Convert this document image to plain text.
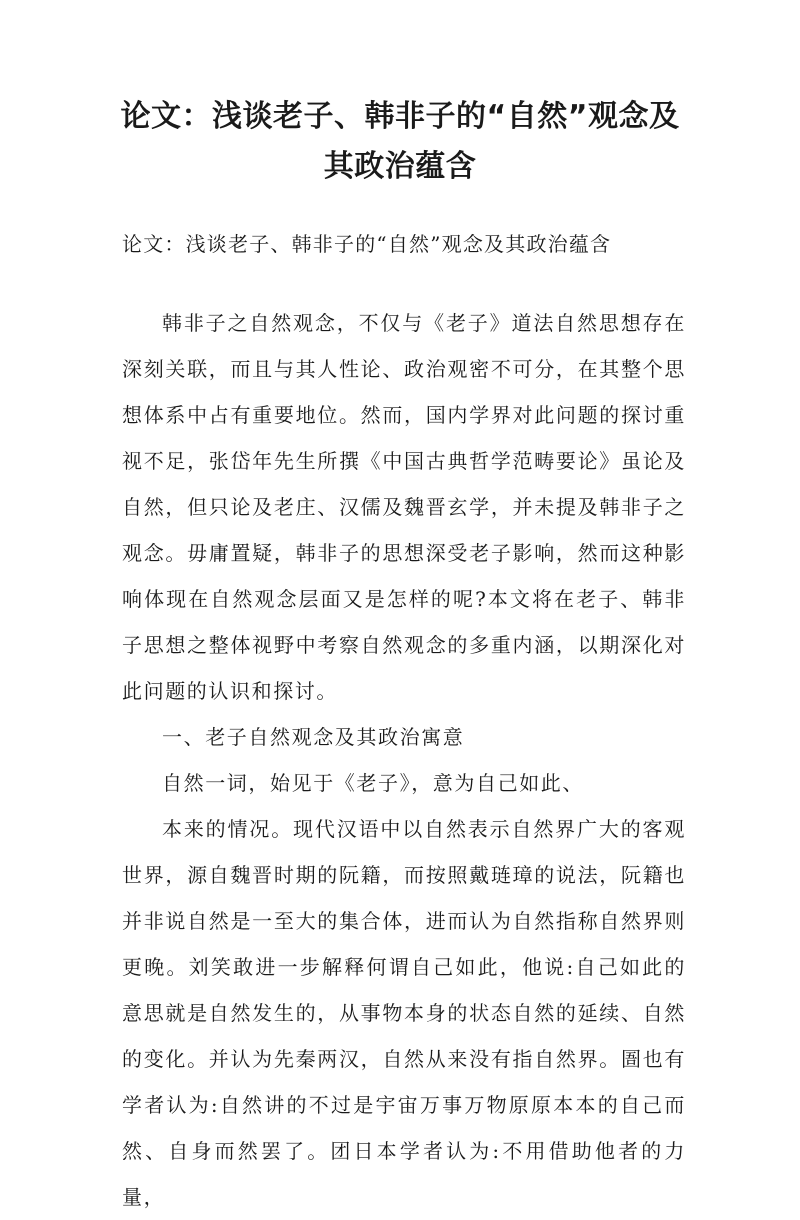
论文：浅谈老子、韩非子的“自然”观念及
其政治蕴含

论文：浅谈老子、韩非子的“自然”观念及其政治蕴含

韩非子之自然观念，不仅与《老子》道法自然思想存在深刻关联，而且与其人性论、政治观密不可分，在其整个思想体系中占有重要地位。然而，国内学界对此问题的探讨重视不足，张岱年先生所撰《中国古典哲学范畴要论》虽论及自然，但只论及老庄、汉儒及魏晋玄学，并未提及韩非子之观念。毋庸置疑，韩非子的思想深受老子影响，然而这种影响体现在自然观念层面又是怎样的呢?本文将在老子、韩非子思想之整体视野中考察自然观念的多重内涵，以期深化对此问题的认识和探讨。

一、老子自然观念及其政治寓意

自然一词，始见于《老子》，意为自己如此、

本来的情况。现代汉语中以自然表示自然界广大的客观世界，源自魏晋时期的阮籍，而按照戴琏璋的说法，阮籍也并非说自然是一至大的集合体，进而认为自然指称自然界则更晚。刘笑敢进一步解释何谓自己如此，他说:自己如此的意思就是自然发生的，从事物本身的状态自然的延续、自然的变化。并认为先秦两汉，自然从来没有指自然界。圄也有学者认为:自然讲的不过是宇宙万事万物原原本本的自己而然、自身而然罢了。团日本学者认为:不用借助他者的力量，
